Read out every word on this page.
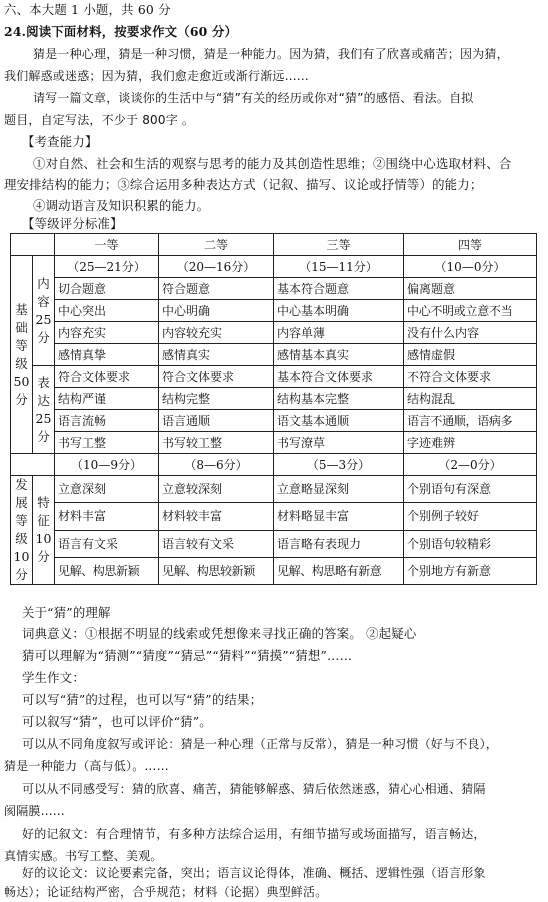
六、本大题 1 小题，共 60 分
24.阅读下面材料，按要求作文（60 分）
猜是一种心理，猜是一种习惯，猜是一种能力。因为猜，我们有了欣喜或痛苦；因为猜，
我们解惑或迷惑；因为猜，我们愈走愈近或渐行渐远……
请写一篇文章，谈谈你的生活中与“猜”有关的经历或你对“猜”的感悟、看法。自拟
题目，自定写法，不少于 800字 。
【考查能力】
①对自然、社会和生活的观察与思考的能力及其创造性思维；②围绕中心选取材料、合
理安排结构的能力；③综合运用多种表达方式（记叙、描写、议论或抒情等）的能力；
④调动语言及知识积累的能力。
【等级评分标准】
		一等	二等	三等	四等
基础等级50分	内容25分	（25—21分）	（20—16分）	（15—11分）	（10—0分）
		切合题意	符合题意	基本符合题意	偏离题意
		中心突出	中心明确	中心基本明确	中心不明或立意不当
		内容充实	内容较充实	内容单薄	没有什么内容
		感情真挚	感情真实	感情基本真实	感情虚假
	表达25分	符合文体要求	符合文体要求	基本符合文体要求	不符合文体要求
		结构严谨	结构完整	结构基本完整	结构混乱
		语言流畅	语言通顺	语文基本通顺	语言不通顺，语病多
		书写工整	书写较工整	书写潦草	字迹难辨
		（10—9分）	（8—6分）	（5—3分）	（2—0分）
发展等级10分	特征10分	立意深刻	立意较深刻	立意略显深刻	个别语句有深意
		材料丰富	材料较丰富	材料略显丰富	个别例子较好
		语言有文采	语言较有文采	语言略有表现力	个别语句较精彩
		见解、构思新颖	见解、构思较新颖	见解、构思略有新意	个别地方有新意
关于“猜”的理解
词典意义：①根据不明显的线索或凭想像来寻找正确的答案。 ②起疑心
猜可以理解为“猜测”“猜度”“猜忌”“猜料”“猜摸”“猜想”……
学生作文：
可以写“猜”的过程，也可以写“猜”的结果；
可以叙写“猜”，也可以评价“猜”。
可以从不同角度叙写或评论：猜是一种心理（正常与反常），猜是一种习惯（好与不良），
猜是一种能力（高与低）。……
可以从不同感受写：猜的欣喜、痛苦，猜能够解惑、猜后依然迷惑，猜心心相通、猜隔
阂隔膜……
好的记叙文：有合理情节，有多种方法综合运用，有细节描写或场面描写，语言畅达，
真情实感。书写工整、美观。
好的议论文：议论要素完备，突出；语言议论得体，准确、概括、逻辑性强（语言形象
畅达）；论证结构严密，合乎规范；材料（论据）典型鲜活。
